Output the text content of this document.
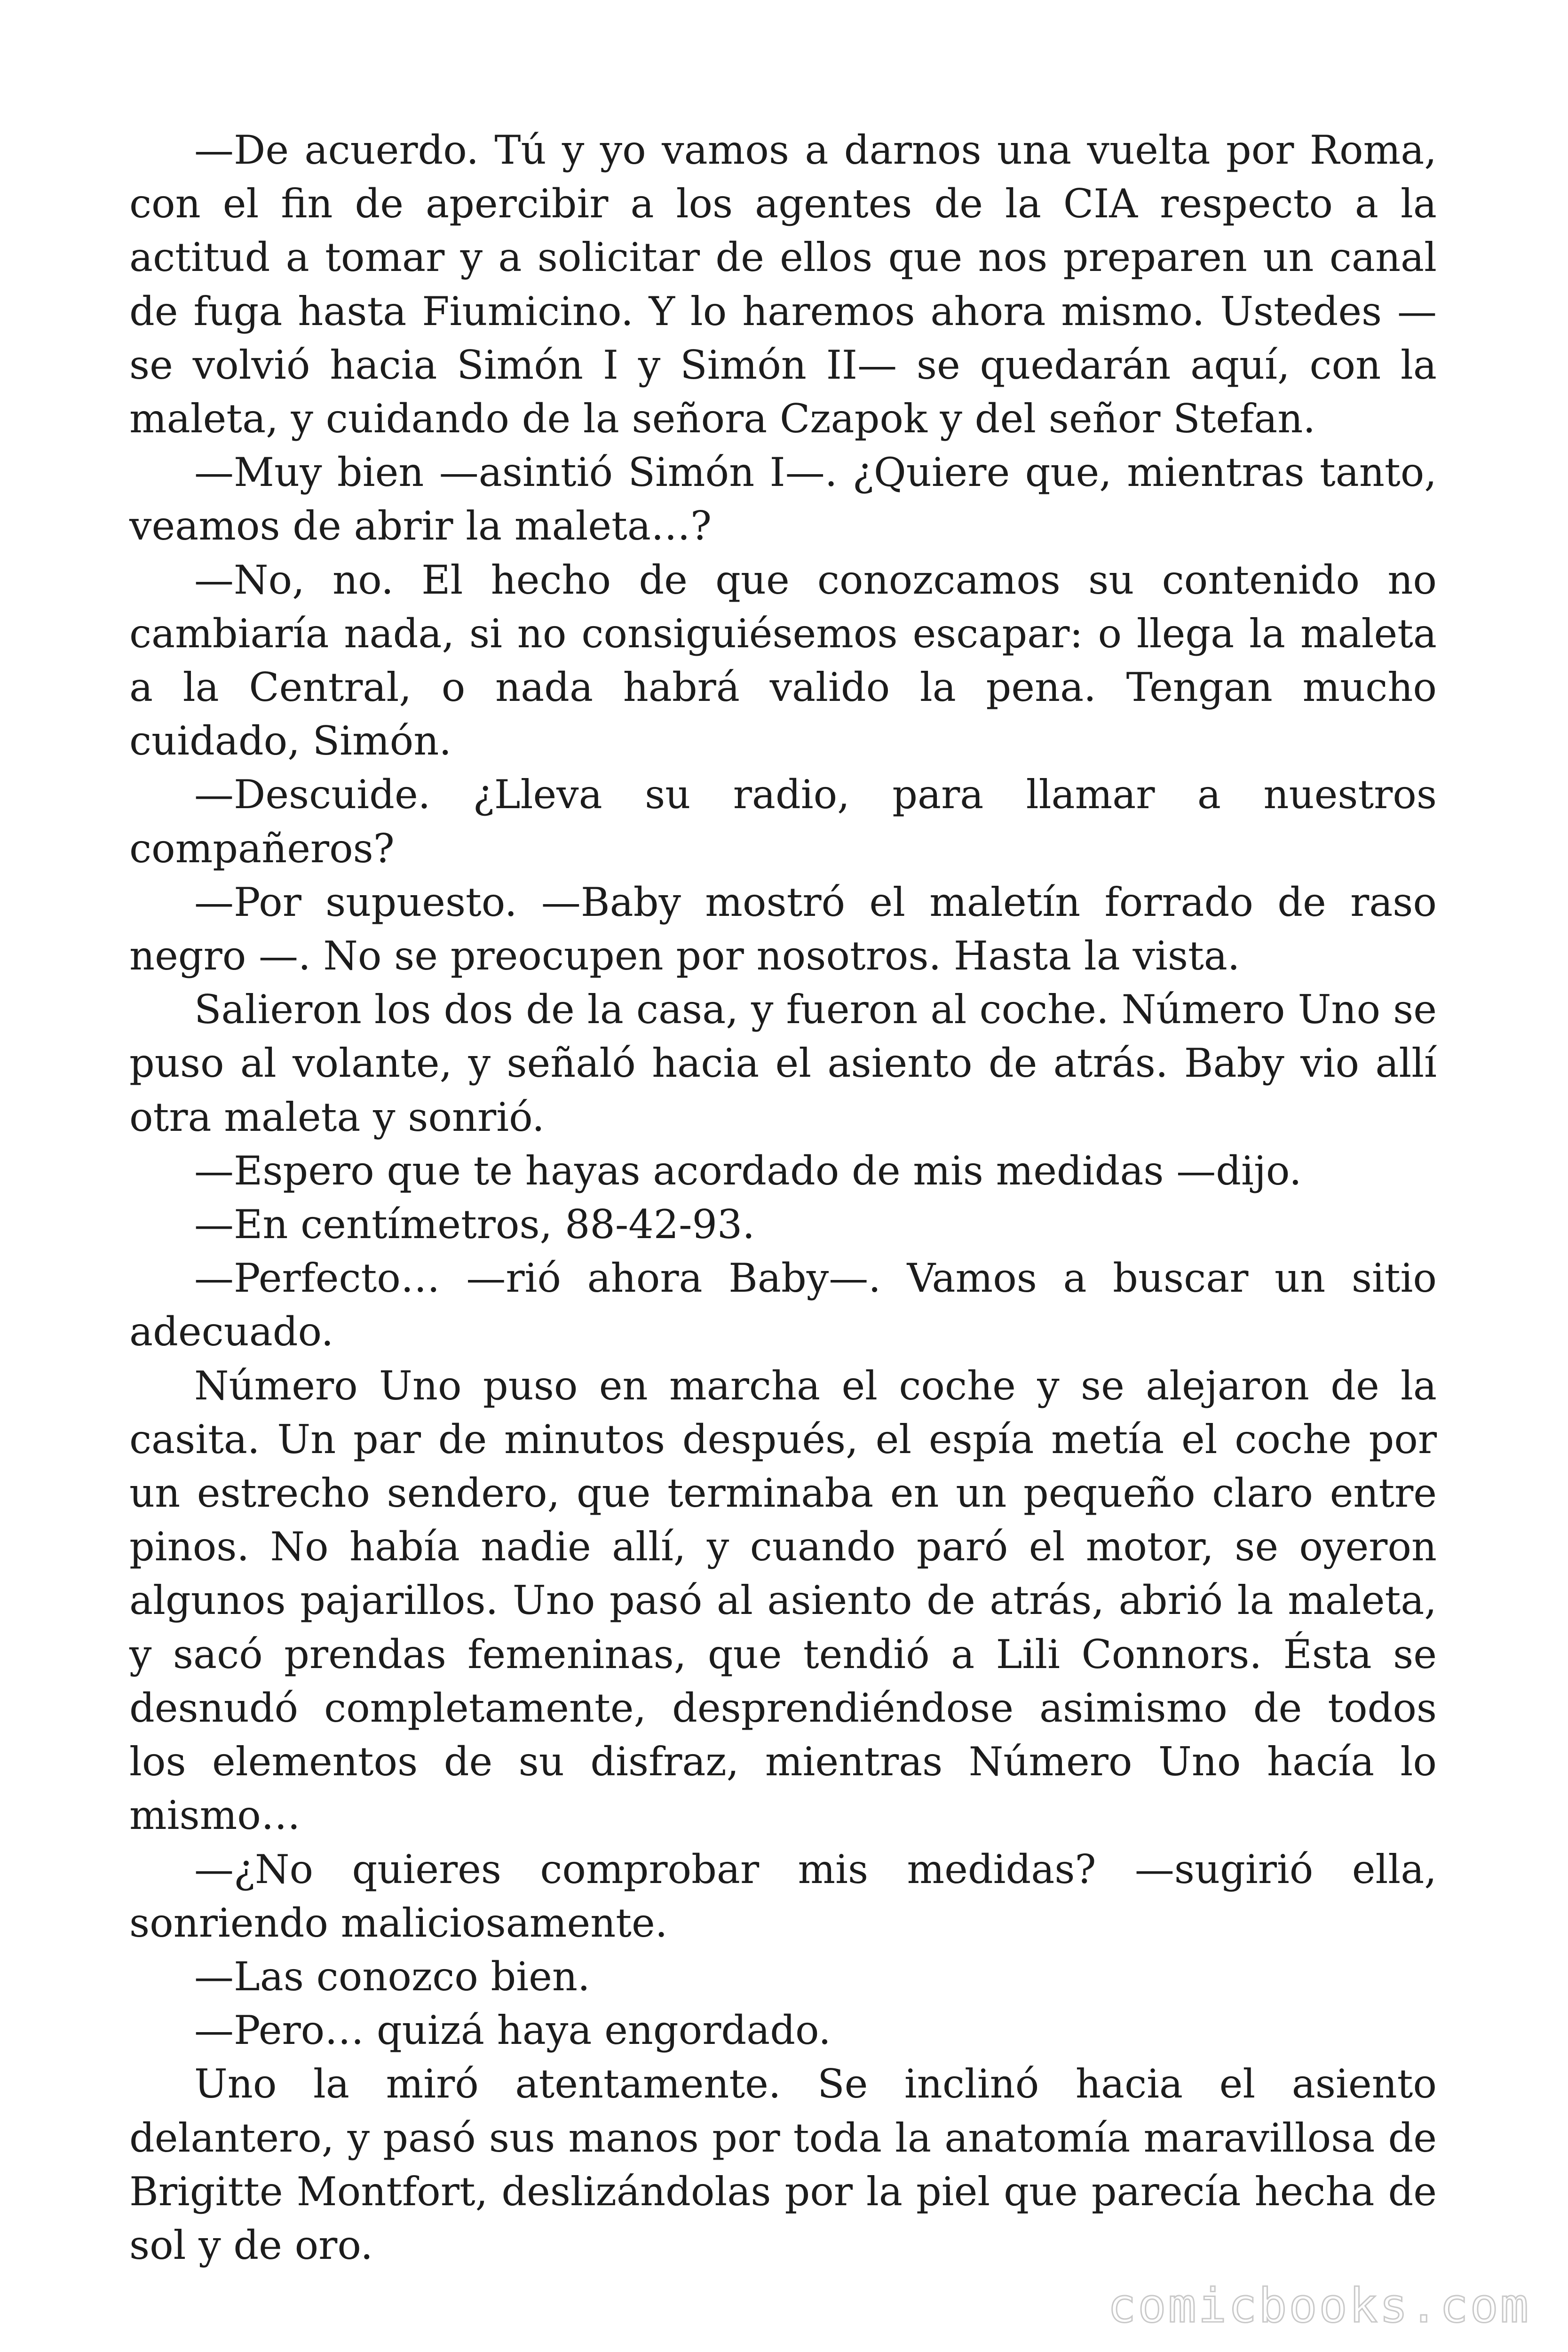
—De acuerdo. Tú y yo vamos a darnos una vuelta por Roma, con el fin de apercibir a los agentes de la CIA respecto a la actitud a tomar y a solicitar de ellos que nos preparen un canal de fuga hasta Fiumicino. Y lo haremos ahora mismo. Ustedes —se volvió hacia Simón I y Simón II— se quedarán aquí, con la maleta, y cuidando de la señora Czapok y del señor Stefan.

—Muy bien —asintió Simón I—. ¿Quiere que, mientras tanto, veamos de abrir la maleta…?

—No, no. El hecho de que conozcamos su contenido no cambiaría nada, si no consiguiésemos escapar: o llega la maleta a la Central, o nada habrá valido la pena. Tengan mucho cuidado, Simón.

—Descuide. ¿Lleva su radio, para llamar a nuestros compañeros?

—Por supuesto. —Baby mostró el maletín forrado de raso negro —. No se preocupen por nosotros. Hasta la vista.

Salieron los dos de la casa, y fueron al coche. Número Uno se puso al volante, y señaló hacia el asiento de atrás. Baby vio allí otra maleta y sonrió.

—Espero que te hayas acordado de mis medidas —dijo.

—En centímetros, 88-42-93.

—Perfecto… —rió ahora Baby—. Vamos a buscar un sitio adecuado.

Número Uno puso en marcha el coche y se alejaron de la casita. Un par de minutos después, el espía metía el coche por un estrecho sendero, que terminaba en un pequeño claro entre pinos. No había nadie allí, y cuando paró el motor, se oyeron algunos pajarillos. Uno pasó al asiento de atrás, abrió la maleta, y sacó prendas femeninas, que tendió a Lili Connors. Ésta se desnudó completamente, desprendiéndose asimismo de todos los elementos de su disfraz, mientras Número Uno hacía lo mismo…

—¿No quieres comprobar mis medidas? —sugirió ella, sonriendo maliciosamente.

—Las conozco bien.

—Pero… quizá haya engordado.

Uno la miró atentamente. Se inclinó hacia el asiento delantero, y pasó sus manos por toda la anatomía maravillosa de Brigitte Montfort, deslizándolas por la piel que parecía hecha de sol y de oro.

comicbooks.com
